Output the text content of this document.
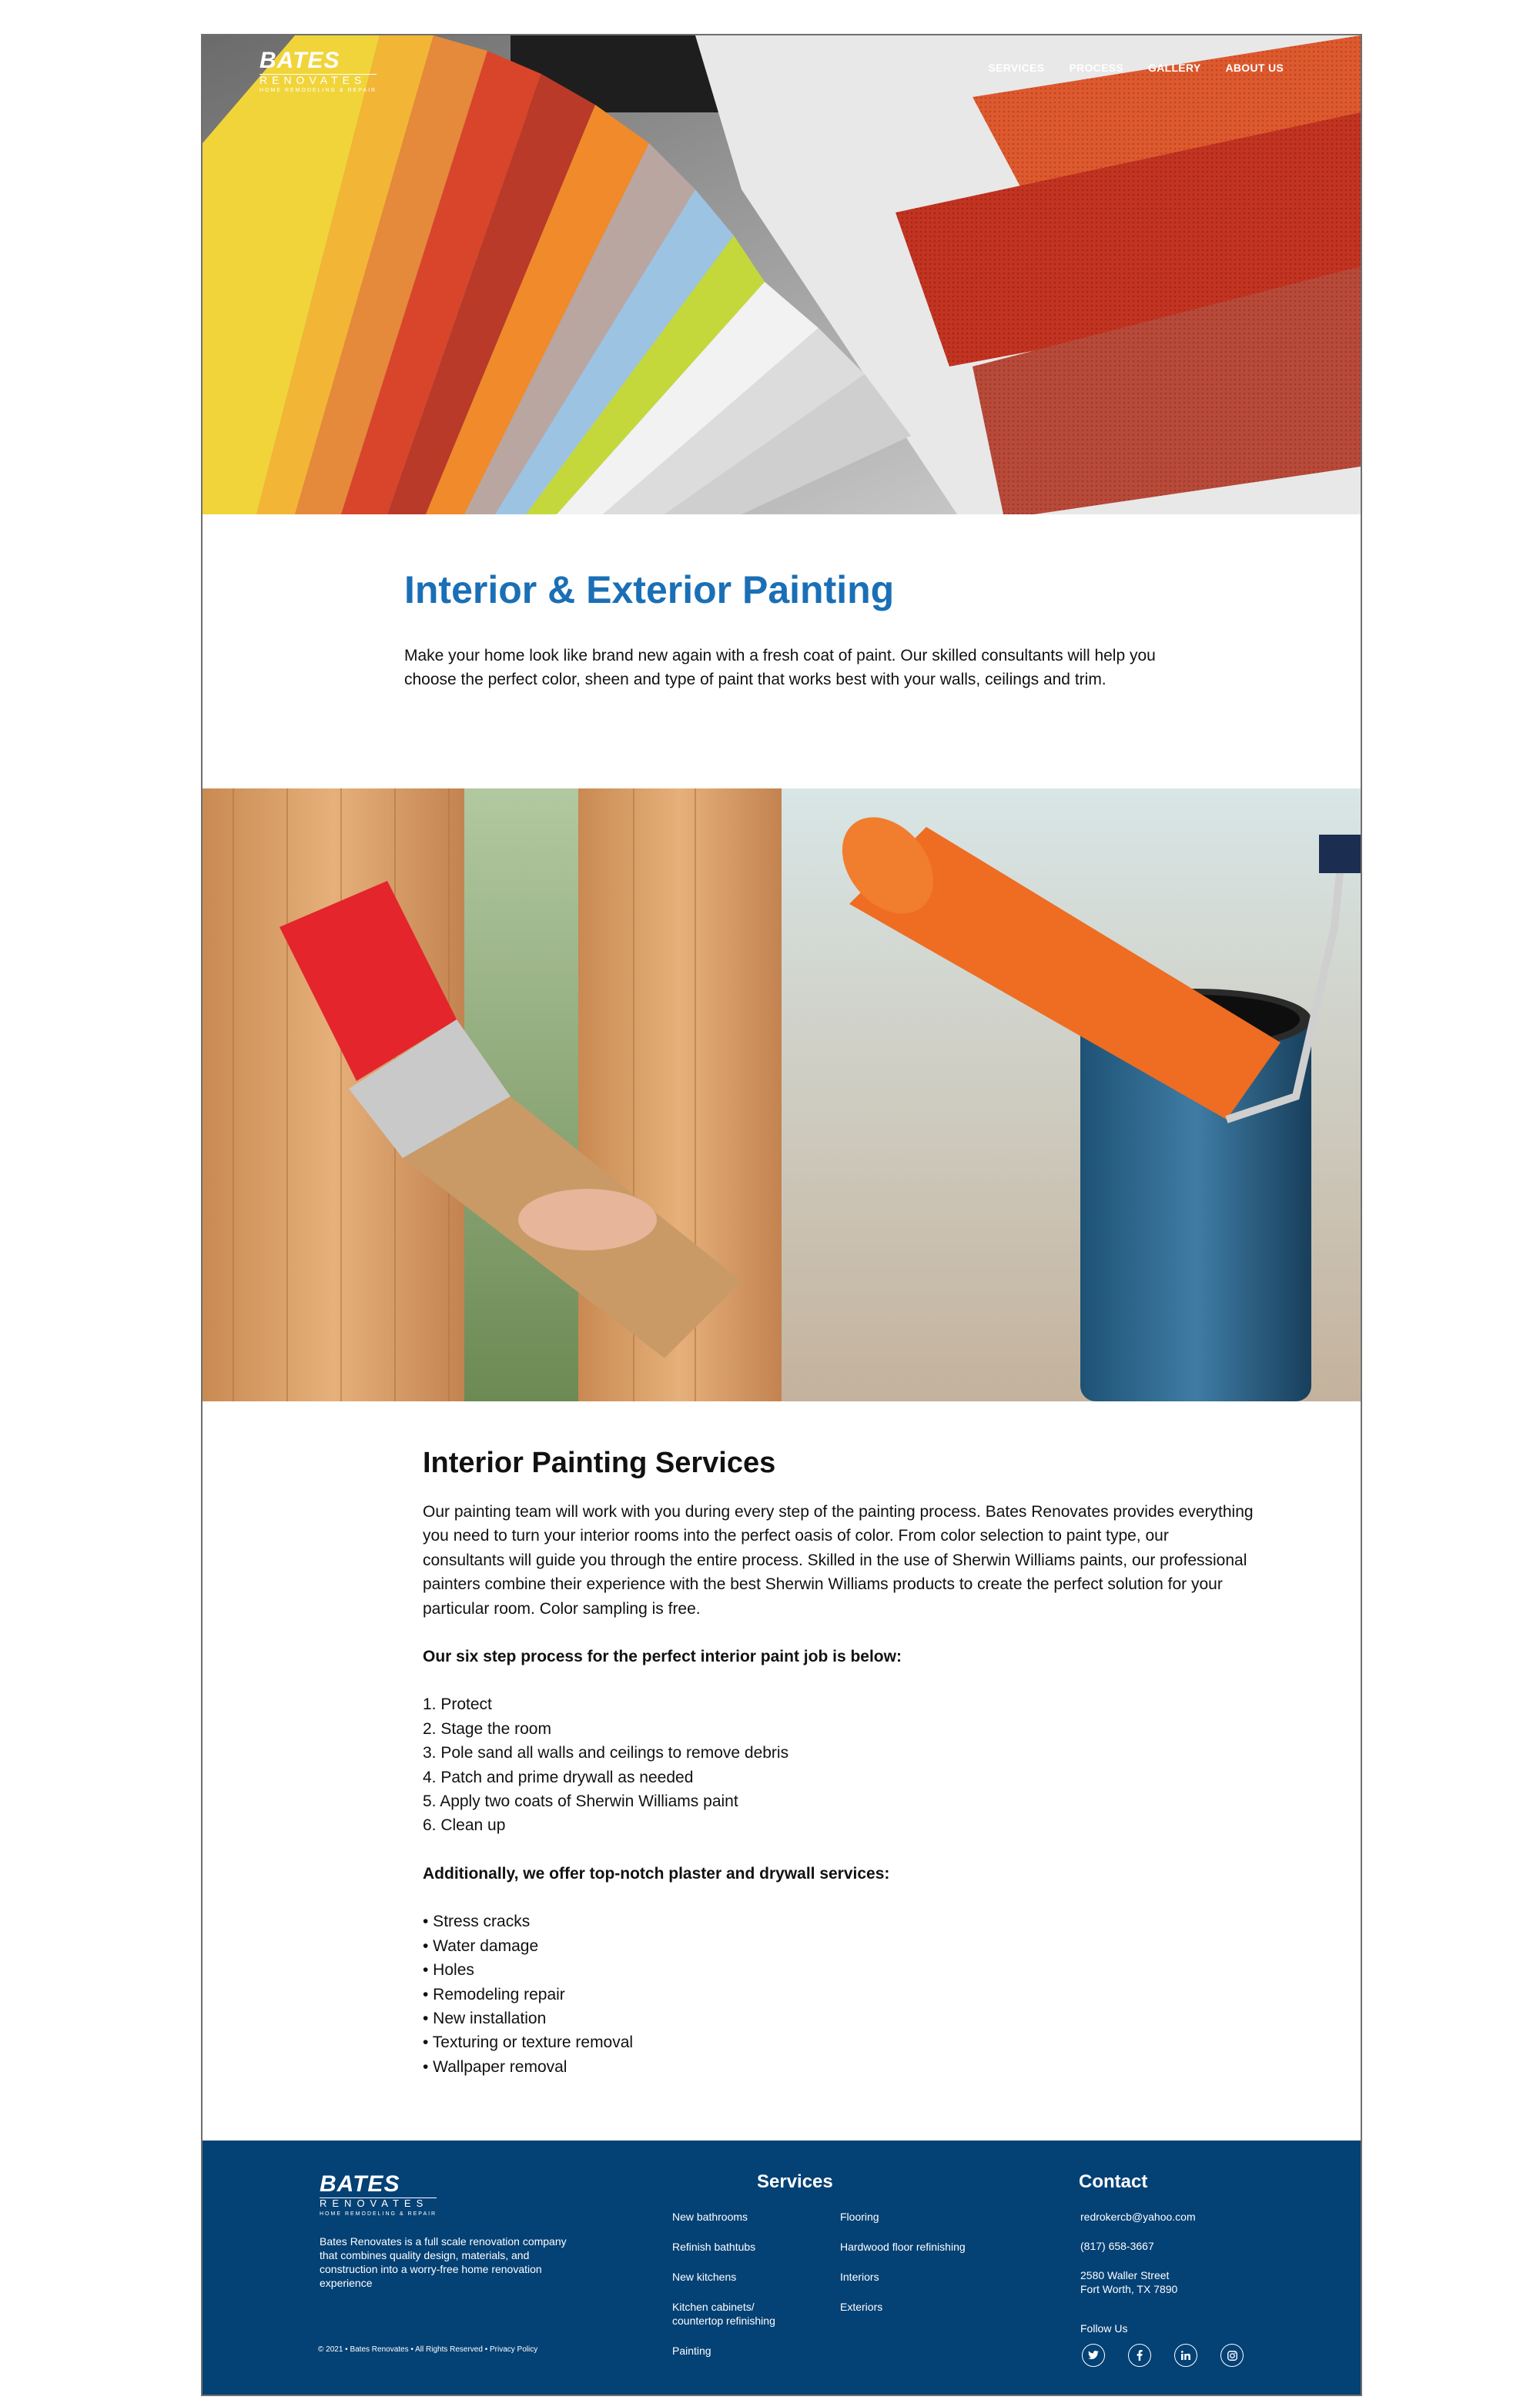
BATES
RENOVATES
HOME REMODELING & REPAIR
SERVICES PROCESS GALLERY ABOUT US
Interior & Exterior Painting

Make your home look like brand new again with a fresh coat of paint. Our skilled consultants will help you choose the perfect color, sheen and type of paint that works best with your walls, ceilings and trim.

Interior Painting Services

Our painting team will work with you during every step of the painting process. Bates Renovates provides everything you need to turn your interior rooms into the perfect oasis of color. From color selection to paint type, our consultants will guide you through the entire process. Skilled in the use of Sherwin Williams paints, our professional painters combine their experience with the best Sherwin Williams products to create the perfect solution for your particular room. Color sampling is free.

Our six step process for the perfect interior paint job is below:

1. Protect
2. Stage the room
3. Pole sand all walls and ceilings to remove debris
4. Patch and prime drywall as needed
5. Apply two coats of Sherwin Williams paint
6. Clean up

Additionally, we offer top-notch plaster and drywall services:

• Stress cracks
• Water damage
• Holes
• Remodeling repair
• New installation
• Texturing or texture removal
• Wallpaper removal
BATES
RENOVATES
HOME REMODELING & REPAIR

Bates Renovates is a full scale renovation company that combines quality design, materials, and construction into a worry-free home renovation experience

© 2021 • Bates Renovates • All Rights Reserved • Privacy Policy
Services
New bathrooms
Refinish bathtubs
New kitchens
Kitchen cabinets/ countertop refinishing
Painting
Flooring
Hardwood floor refinishing
Interiors
Exteriors
Contact
redrokercb@yahoo.com
(817) 658-3667
2580 Waller Street
Fort Worth, TX 7890
Follow Us
